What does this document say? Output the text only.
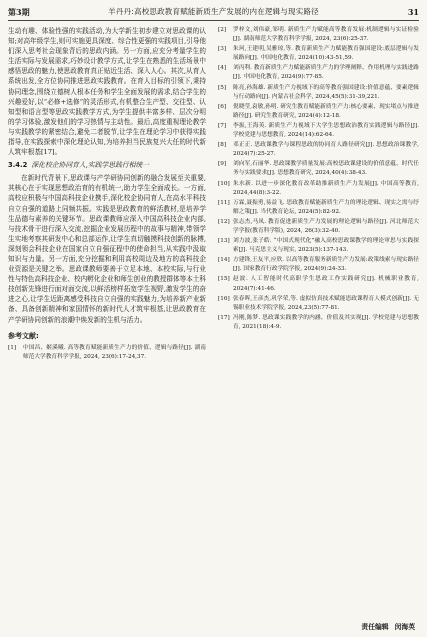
第3期	羊丹丹:高校思政教育赋能新质生产发展的内在逻辑与现实路径	31

生动有趣、体验性强的实践活动,为大学新生初步建立对思政课的认知;对高年级学生,则可实施更具深度、综合性更强的实践项目,引导他们深入思考社会现象背后的思政内涵。另一方面,应充分考量学生的生活实际与发展需求,巧妙设计教学方式,让学生在熟悉的生活场景中感悟思政的魅力,使思政教育真正贴近生活、深入人心。其次,从育人系统出发,全方位协同推进思政实践教育。在育人目标的引领下,秉持协同理念,围绕立德树人根本任务和学生全面发展的需求,结合学生的兴趣爱好,以“必修+选修”的灵活形式,有机整合生产型、交往型、认知型和语言型等思政实践教学方式,为学生提供丰富多样、层次分明的学习体验,激发他们的学习热情与主动性。最后,高度重视理论教学与实践教学的紧密结合,避免二者脱节,让学生在理论学习中获得实践指导,在实践探索中深化理论认知,为培养担当民族复兴大任的时代新人筑牢根基[17]。

3.4.2 深化校企协同育人,实践学思践行相统一

在新时代背景下,思政课与产学研协同创新的融合发展至关重要,其核心在于实现思想政治育的有机统一,助力学生全面成长。一方面,高校应积极与中国高科技企业携手,深化校企协同育人,在高水平科技自立自强的道路上同频共振。实践是思政教育的鲜活教材,是培养学生品德与素养的关键环节。思政课教师应深入中国高科技企业内部,与技术骨干进行深入交流,挖掘企业发展历程中的故事与精神,带领学生实地考察其研发中心和总部运作,让学生真切触摸科技创新的脉搏,深刻领会科技企业在国家自立自强征程中的使命担当,从实践中汲取知识与力量。另一方面,充分挖掘和利用高校周边及地方的高科技企业资源是关键之举。思政课教师要善于立足本地、本校实际,与行业性与特色高科技企业、校内孵化企业和师生创业的教授群体等本土科技创新先锋进行面对面交流,以鲜活榜样拓宽学生视野,激发学生的奋进之心,让学生近距离感受科技自立自强的实践魅力,为培养新产业新备、具备创新精神和家国情怀的新时代人才筑牢根基,让思政教育在产学研协同创新的浪潮中焕发新的生机与活力。

参考文献:
[1]	中国昌、姬溪曦. 高等教育赋能新质生产力的价值、逻辑与路径[J]. 湖南师范大学教育科学学报, 2024, 23(6):17-24,37.
[2]	罗梓文,刘伟豪,邹明. 新质生产力赋能高等教育发展:机制逻辑与实证检验[J]. 湖南师范大学教育科学学报, 2024, 23(6):25-37.
[3]	朱珂,王建明,吴雅琼,等. 教育新质生产力赋能教育强国建设:底层逻辑与发展路向[J]. 中国电化教育, 2024(10):43-51,59.
[4]	刘丙利. 教育新质生产力赋能新质生产力的学理阐释、作用机理与实践进路[J]. 中国电化教育, 2024(9):77-85.
[5]	陈亮,孙海雄. 新质生产力视域下的高等教育强国建设:价值意蕴、要素逻辑与行动路向[J]. 内蒙古社会科学, 2024,45(5):31-39,221.
[6]	倪晓莹,袁敏,孙明. 研究生教育赋能新质生产力:核心要素、现实堵点与推进路径[J]. 研究生教育研究, 2024(4):12-18.
[7]	李振,王海英. 新质生产力视域下大学生思想政治教育实践逻辑与路径[J]. 学校党建与思想教育, 2024(14):62-64.
[8]	邓正正. 思政课教学与课程思政的协同育人路径研究[J]. 思想政治课教学, 2024(7):25-27.
[9]	刘向军,石丽华. 思政课教学质量发展:高校思政课建设的价值意蕴、时代任务与实践要求[J]. 思想教育研究, 2024,40(4):38-43.
[10] 朱水新. 以进一步深化教育改革助推新质生产力发展[J]. 中国高等教育, 2024,44(8):3-22.
[11] 万霖,聂振勇,易益飞. 思政教育赋能新质生产力的理论逻辑、现实之需与纾解之策[J]. 当代教育论坛, 2024(5):82-92.
[12] 张志杰,马凤. 教育促进新质生产力发展的理论逻辑与路径[J]. 河北师范大学学报(教育科学版), 2024, 26(3):32-40.
[13] 刘力波,张子皓. “中国式现代化”融入高校思政课教学的理论审思与实践探索[J]. 马克思主义与现实, 2023(5):137-143.
[14] 方建锋,王友平,应欣. 以高等教育服务新质生产力发展:政策线索与现实路径[J]. 国家教育行政学院学报, 2024(9):24-33.
[15] 赵波. 人工智能时代高职学生思政工作实践研究[J]. 机械职业教育, 2024(7):41-46.
[16] 张春晖,王彦杰,巩学荣,等. 虚拟仿真技术赋能思政课程育人模式创新[J]. 无锡职业技术学院学报, 2024,23(5):77-81.
[17] 冯刚,陈梦. 思政课实践教学的内涵、价值及其实现[J]. 学校党建与思想教育, 2021(18):4-9.
责任编辑 闵海英
